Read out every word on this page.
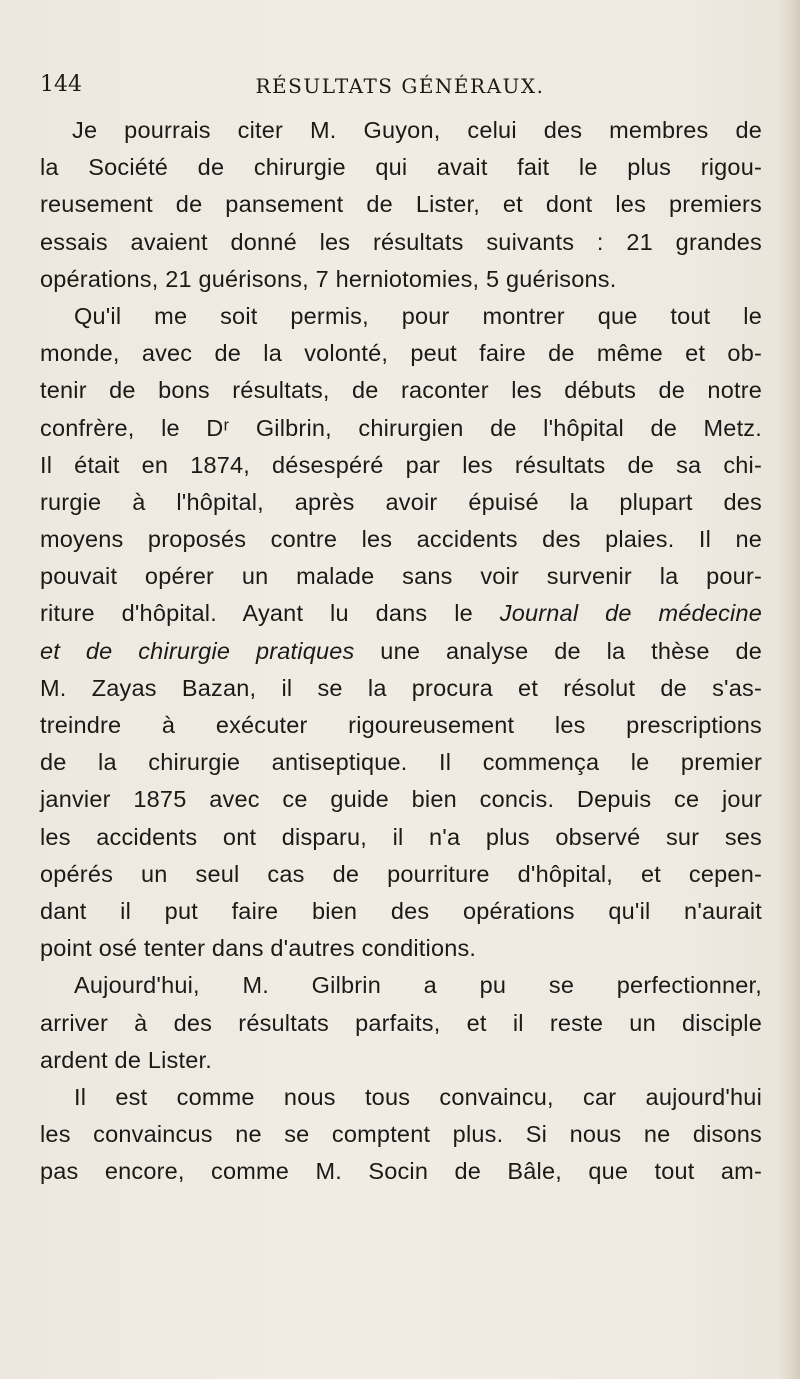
144	RÉSULTATS GÉNÉRAUX.
Je pourrais citer M. Guyon, celui des membres de
la Société de chirurgie qui avait fait le plus rigou-
reusement de pansement de Lister, et dont les premiers
essais avaient donné les résultats suivants : 21 grandes
opérations, 21 guérisons, 7 herniotomies, 5 guérisons.
Qu'il me soit permis, pour montrer que tout le
monde, avec de la volonté, peut faire de même et ob-
tenir de bons résultats, de raconter les débuts de notre
confrère, le Dʳ Gilbrin, chirurgien de l'hôpital de Metz.
Il était en 1874, désespéré par les résultats de sa chi-
rurgie à l'hôpital, après avoir épuisé la plupart des
moyens proposés contre les accidents des plaies. Il ne
pouvait opérer un malade sans voir survenir la pour-
riture d'hôpital. Ayant lu dans le Journal de médecine
et de chirurgie pratiques une analyse de la thèse de
M. Zayas Bazan, il se la procura et résolut de s'as-
treindre à exécuter rigoureusement les prescriptions
de la chirurgie antiseptique. Il commença le premier
janvier 1875 avec ce guide bien concis. Depuis ce jour
les accidents ont disparu, il n'a plus observé sur ses
opérés un seul cas de pourriture d'hôpital, et cepen-
dant il put faire bien des opérations qu'il n'aurait
point osé tenter dans d'autres conditions.
Aujourd'hui, M. Gilbrin a pu se perfectionner,
arriver à des résultats parfaits, et il reste un disciple
ardent de Lister.
Il est comme nous tous convaincu, car aujourd'hui
les convaincus ne se comptent plus. Si nous ne disons
pas encore, comme M. Socin de Bâle, que tout am-
